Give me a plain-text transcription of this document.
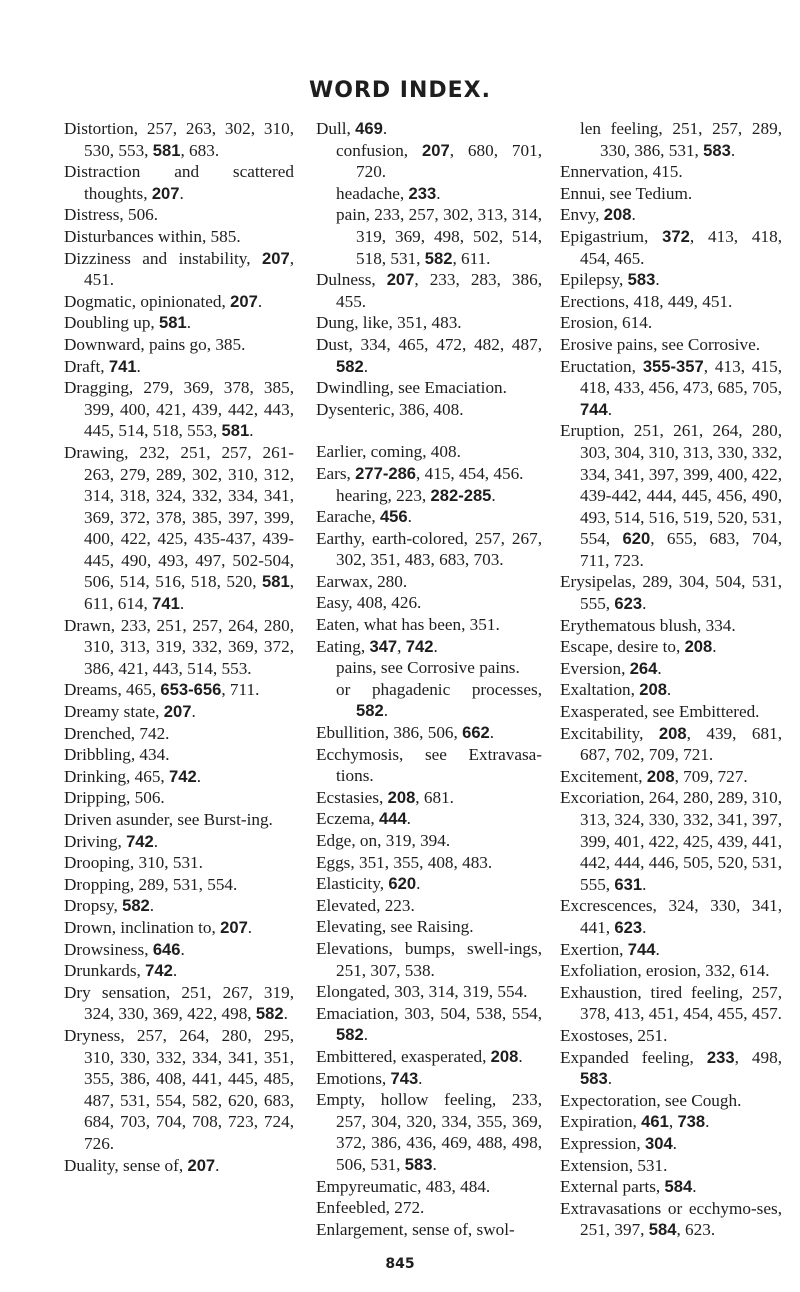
WORD INDEX.
Distortion, 257, 263, 302, 310, 530, 553, 581, 683.
Distraction and scattered thoughts, 207.
Distress, 506.
Disturbances within, 585.
Dizziness and instability, 207, 451.
Dogmatic, opinionated, 207.
Doubling up, 581.
Downward, pains go, 385.
Draft, 741.
Dragging, 279, 369, 378, 385, 399, 400, 421, 439, 442, 443, 445, 514, 518, 553, 581.
Drawing, 232, 251, 257, 261-263, 279, 289, 302, 310, 312, 314, 318, 324, 332, 334, 341, 369, 372, 378, 385, 397, 399, 400, 422, 425, 435-437, 439-445, 490, 493, 497, 502-504, 506, 514, 516, 518, 520, 581, 611, 614, 741.
Drawn, 233, 251, 257, 264, 280, 310, 313, 319, 332, 369, 372, 386, 421, 443, 514, 553.
Dreams, 465, 653-656, 711.
Dreamy state, 207.
Drenched, 742.
Dribbling, 434.
Drinking, 465, 742.
Dripping, 506.
Driven asunder, see Burst-ing.
Driving, 742.
Drooping, 310, 531.
Dropping, 289, 531, 554.
Dropsy, 582.
Drown, inclination to, 207.
Drowsiness, 646.
Drunkards, 742.
Dry sensation, 251, 267, 319, 324, 330, 369, 422, 498, 582.
Dryness, 257, 264, 280, 295, 310, 330, 332, 334, 341, 351, 355, 386, 408, 441, 445, 485, 487, 531, 554, 582, 620, 683, 684, 703, 704, 708, 723, 724, 726.
Duality, sense of, 207.
Dull, 469.
confusion, 207, 680, 701, 720.
headache, 233.
pain, 233, 257, 302, 313, 314, 319, 369, 498, 502, 514, 518, 531, 582, 611.
Dulness, 207, 233, 283, 386, 455.
Dung, like, 351, 483.
Dust, 334, 465, 472, 482, 487, 582.
Dwindling, see Emaciation.
Dysenteric, 386, 408.
Earlier, coming, 408.
Ears, 277-286, 415, 454, 456.
hearing, 223, 282-285.
Earache, 456.
Earthy, earth-colored, 257, 267, 302, 351, 483, 683, 703.
Earwax, 280.
Easy, 408, 426.
Eaten, what has been, 351.
Eating, 347, 742.
pains, see Corrosive pains.
or phagadenic processes, 582.
Ebullition, 386, 506, 662.
Ecchymosis, see Extravasa-tions.
Ecstasies, 208, 681.
Eczema, 444.
Edge, on, 319, 394.
Eggs, 351, 355, 408, 483.
Elasticity, 620.
Elevated, 223.
Elevating, see Raising.
Elevations, bumps, swell-ings, 251, 307, 538.
Elongated, 303, 314, 319, 554.
Emaciation, 303, 504, 538, 554, 582.
Embittered, exasperated, 208.
Emotions, 743.
Empty, hollow feeling, 233, 257, 304, 320, 334, 355, 369, 372, 386, 436, 469, 488, 498, 506, 531, 583.
Empyreumatic, 483, 484.
Enfeebled, 272.
Enlargement, sense of, swol-
len feeling, 251, 257, 289, 330, 386, 531, 583.
Ennervation, 415.
Ennui, see Tedium.
Envy, 208.
Epigastrium, 372, 413, 418, 454, 465.
Epilepsy, 583.
Erections, 418, 449, 451.
Erosion, 614.
Erosive pains, see Corrosive.
Eructation, 355-357, 413, 415, 418, 433, 456, 473, 685, 705, 744.
Eruption, 251, 261, 264, 280, 303, 304, 310, 313, 330, 332, 334, 341, 397, 399, 400, 422, 439-442, 444, 445, 456, 490, 493, 514, 516, 519, 520, 531, 554, 620, 655, 683, 704, 711, 723.
Erysipelas, 289, 304, 504, 531, 555, 623.
Erythematous blush, 334.
Escape, desire to, 208.
Eversion, 264.
Exaltation, 208.
Exasperated, see Embittered.
Excitability, 208, 439, 681, 687, 702, 709, 721.
Excitement, 208, 709, 727.
Excoriation, 264, 280, 289, 310, 313, 324, 330, 332, 341, 397, 399, 401, 422, 425, 439, 441, 442, 444, 446, 505, 520, 531, 555, 631.
Excrescences, 324, 330, 341, 441, 623.
Exertion, 744.
Exfoliation, erosion, 332, 614.
Exhaustion, tired feeling, 257, 378, 413, 451, 454, 455, 457.
Exostoses, 251.
Expanded feeling, 233, 498, 583.
Expectoration, see Cough.
Expiration, 461, 738.
Expression, 304.
Extension, 531.
External parts, 584.
Extravasations or ecchymo-ses, 251, 397, 584, 623.
845
